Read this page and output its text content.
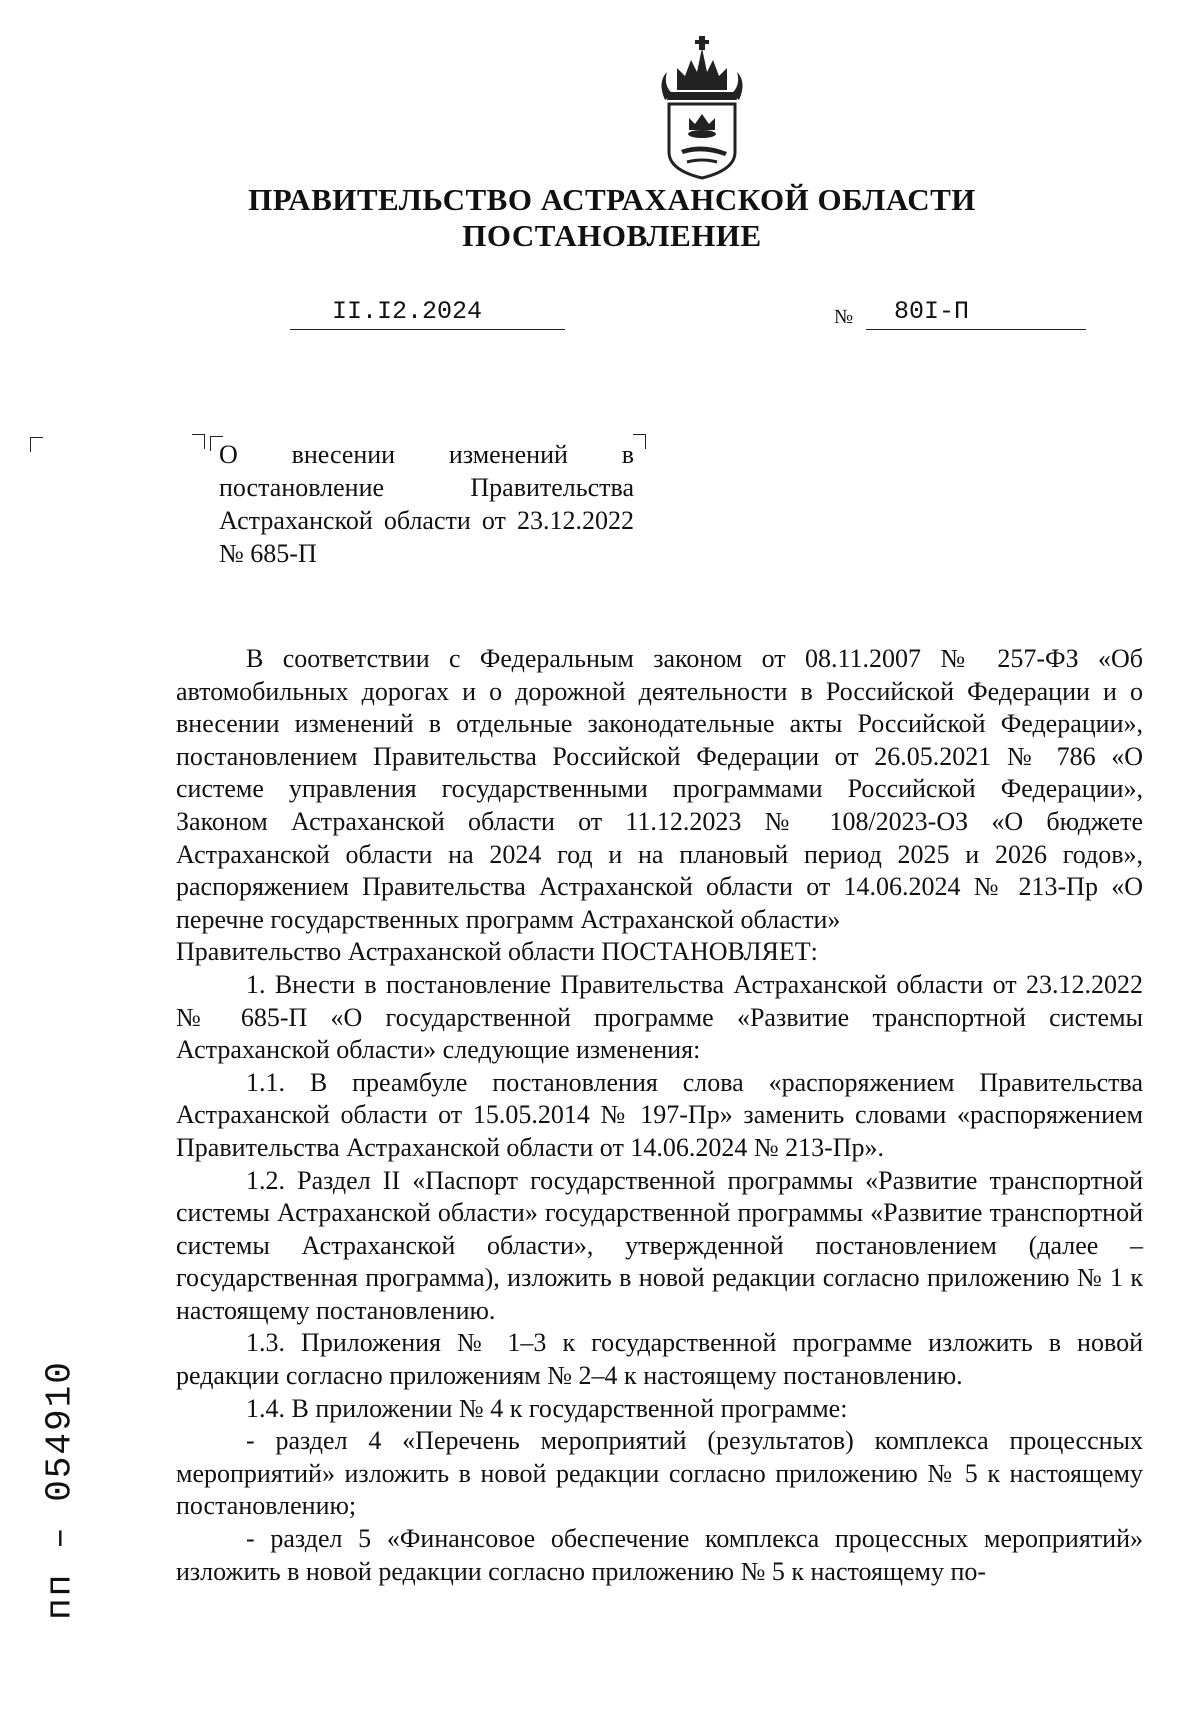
ПРАВИТЕЛЬСТВО АСТРАХАНСКОЙ ОБЛАСТИ
ПОСТАНОВЛЕНИЕ
II.I2.2024	№ 80I-П

О внесении изменений в постановление Правительства Астраханской области от 23.12.2022 № 685-П

В соответствии с Федеральным законом от 08.11.2007 № 257-ФЗ «Об автомобильных дорогах и о дорожной деятельности в Российской Федерации и о внесении изменений в отдельные законодательные акты Российской Федерации», постановлением Правительства Российской Федерации от 26.05.2021 № 786 «О системе управления государственными программами Российской Федерации», Законом Астраханской области от 11.12.2023 № 108/2023-ОЗ «О бюджете Астраханской области на 2024 год и на плановый период 2025 и 2026 годов», распоряжением Правительства Астраханской области от 14.06.2024 № 213-Пр «О перечне государственных программ Астраханской области»

Правительство Астраханской области ПОСТАНОВЛЯЕТ:

1. Внести в постановление Правительства Астраханской области от 23.12.2022 № 685-П «О государственной программе «Развитие транспортной системы Астраханской области» следующие изменения:

1.1. В преамбуле постановления слова «распоряжением Правительства Астраханской области от 15.05.2014 № 197-Пр» заменить словами «распоряжением Правительства Астраханской области от 14.06.2024 № 213-Пр».

1.2. Раздел II «Паспорт государственной программы «Развитие транспортной системы Астраханской области» государственной программы «Развитие транспортной системы Астраханской области», утвержденной постановлением (далее – государственная программа), изложить в новой редакции согласно приложению № 1 к настоящему постановлению.

1.3. Приложения № 1–3 к государственной программе изложить в новой редакции согласно приложениям № 2–4 к настоящему постановлению.

1.4. В приложении № 4 к государственной программе:

- раздел 4 «Перечень мероприятий (результатов) комплекса процессных мероприятий» изложить в новой редакции согласно приложению № 5 к настоящему постановлению;

- раздел 5 «Финансовое обеспечение комплекса процессных мероприятий» изложить в новой редакции согласно приложению № 5 к настоящему по-

пп – 054910
